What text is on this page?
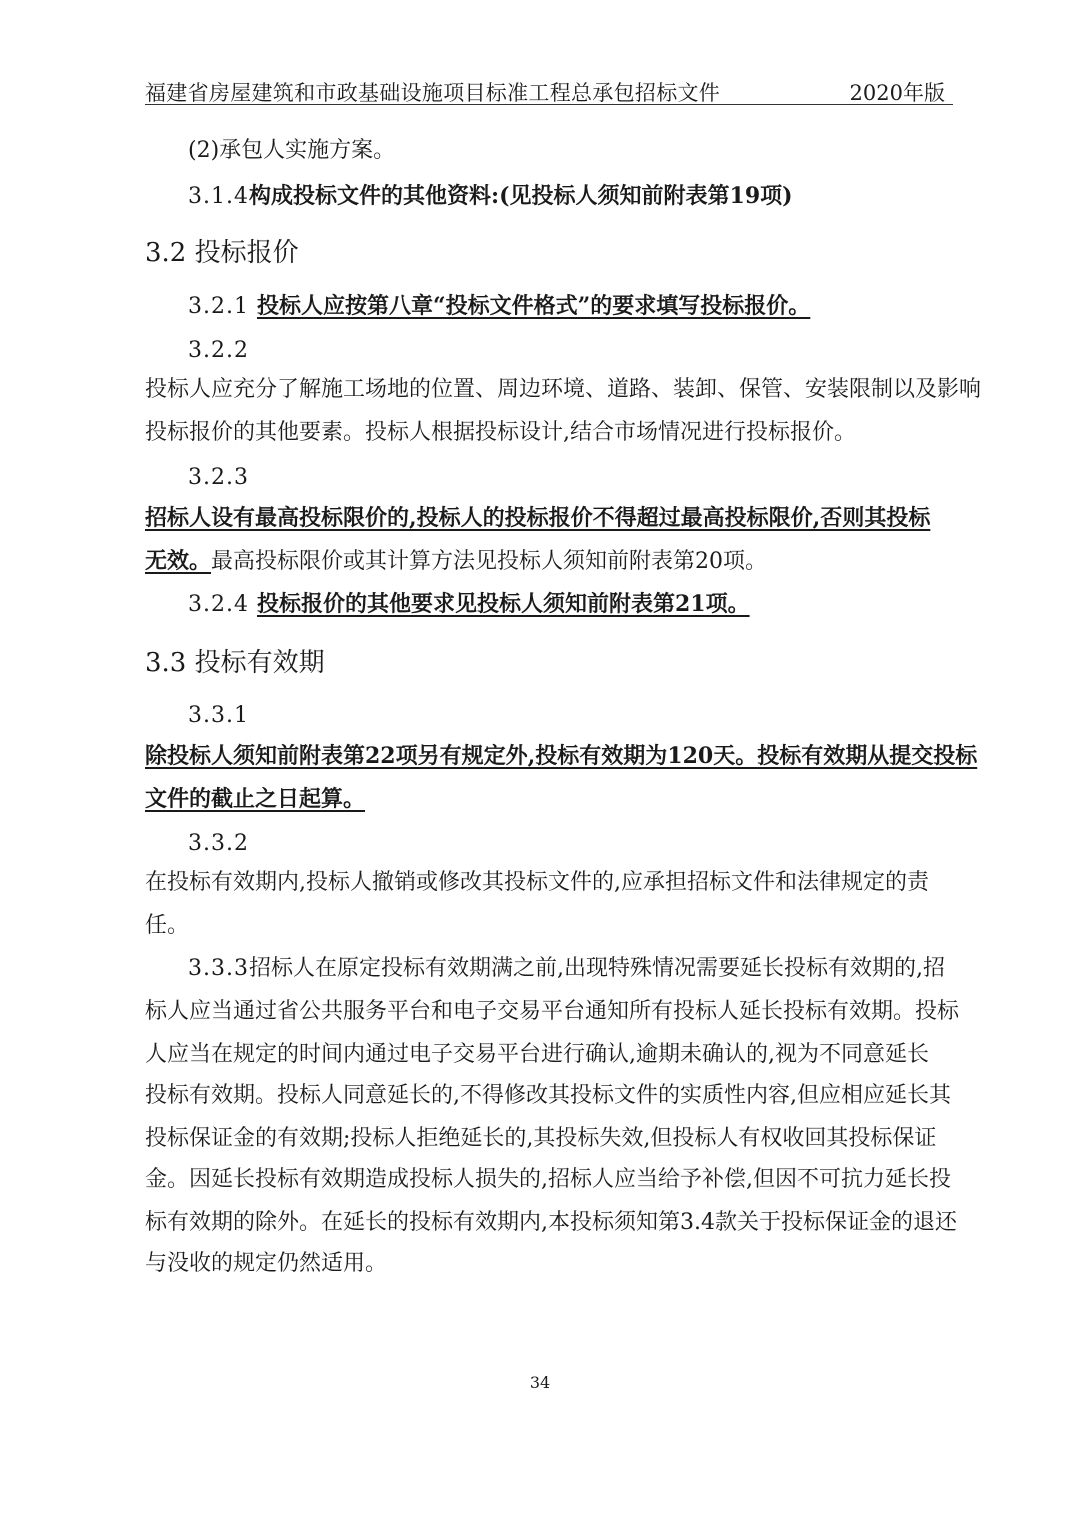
福建省房屋建筑和市政基础设施项目标准工程总承包招标文件	2020年版
(2)承包人实施方案。
3.1.4构成投标文件的其他资料:(见投标人须知前附表第19项)
3.2 投标报价
3.2.1 投标人应按第八章“投标文件格式”的要求填写投标报价。
3.2.2
投标人应充分了解施工场地的位置、周边环境、道路、装卸、保管、安装限制以及影响
投标报价的其他要素。投标人根据投标设计,结合市场情况进行投标报价。
3.2.3
招标人设有最高投标限价的,投标人的投标报价不得超过最高投标限价,否则其投标
无效。最高投标限价或其计算方法见投标人须知前附表第20项。
3.2.4 投标报价的其他要求见投标人须知前附表第21项。
3.3 投标有效期
3.3.1
除投标人须知前附表第22项另有规定外,投标有效期为120天。投标有效期从提交投标
文件的截止之日起算。
3.3.2
在投标有效期内,投标人撤销或修改其投标文件的,应承担招标文件和法律规定的责
任。
3.3.3招标人在原定投标有效期满之前,出现特殊情况需要延长投标有效期的,招
标人应当通过省公共服务平台和电子交易平台通知所有投标人延长投标有效期。投标
人应当在规定的时间内通过电子交易平台进行确认,逾期未确认的,视为不同意延长
投标有效期。投标人同意延长的,不得修改其投标文件的实质性内容,但应相应延长其
投标保证金的有效期;投标人拒绝延长的,其投标失效,但投标人有权收回其投标保证
金。因延长投标有效期造成投标人损失的,招标人应当给予补偿,但因不可抗力延长投
标有效期的除外。在延长的投标有效期内,本投标须知第3.4款关于投标保证金的退还
与没收的规定仍然适用。
34
